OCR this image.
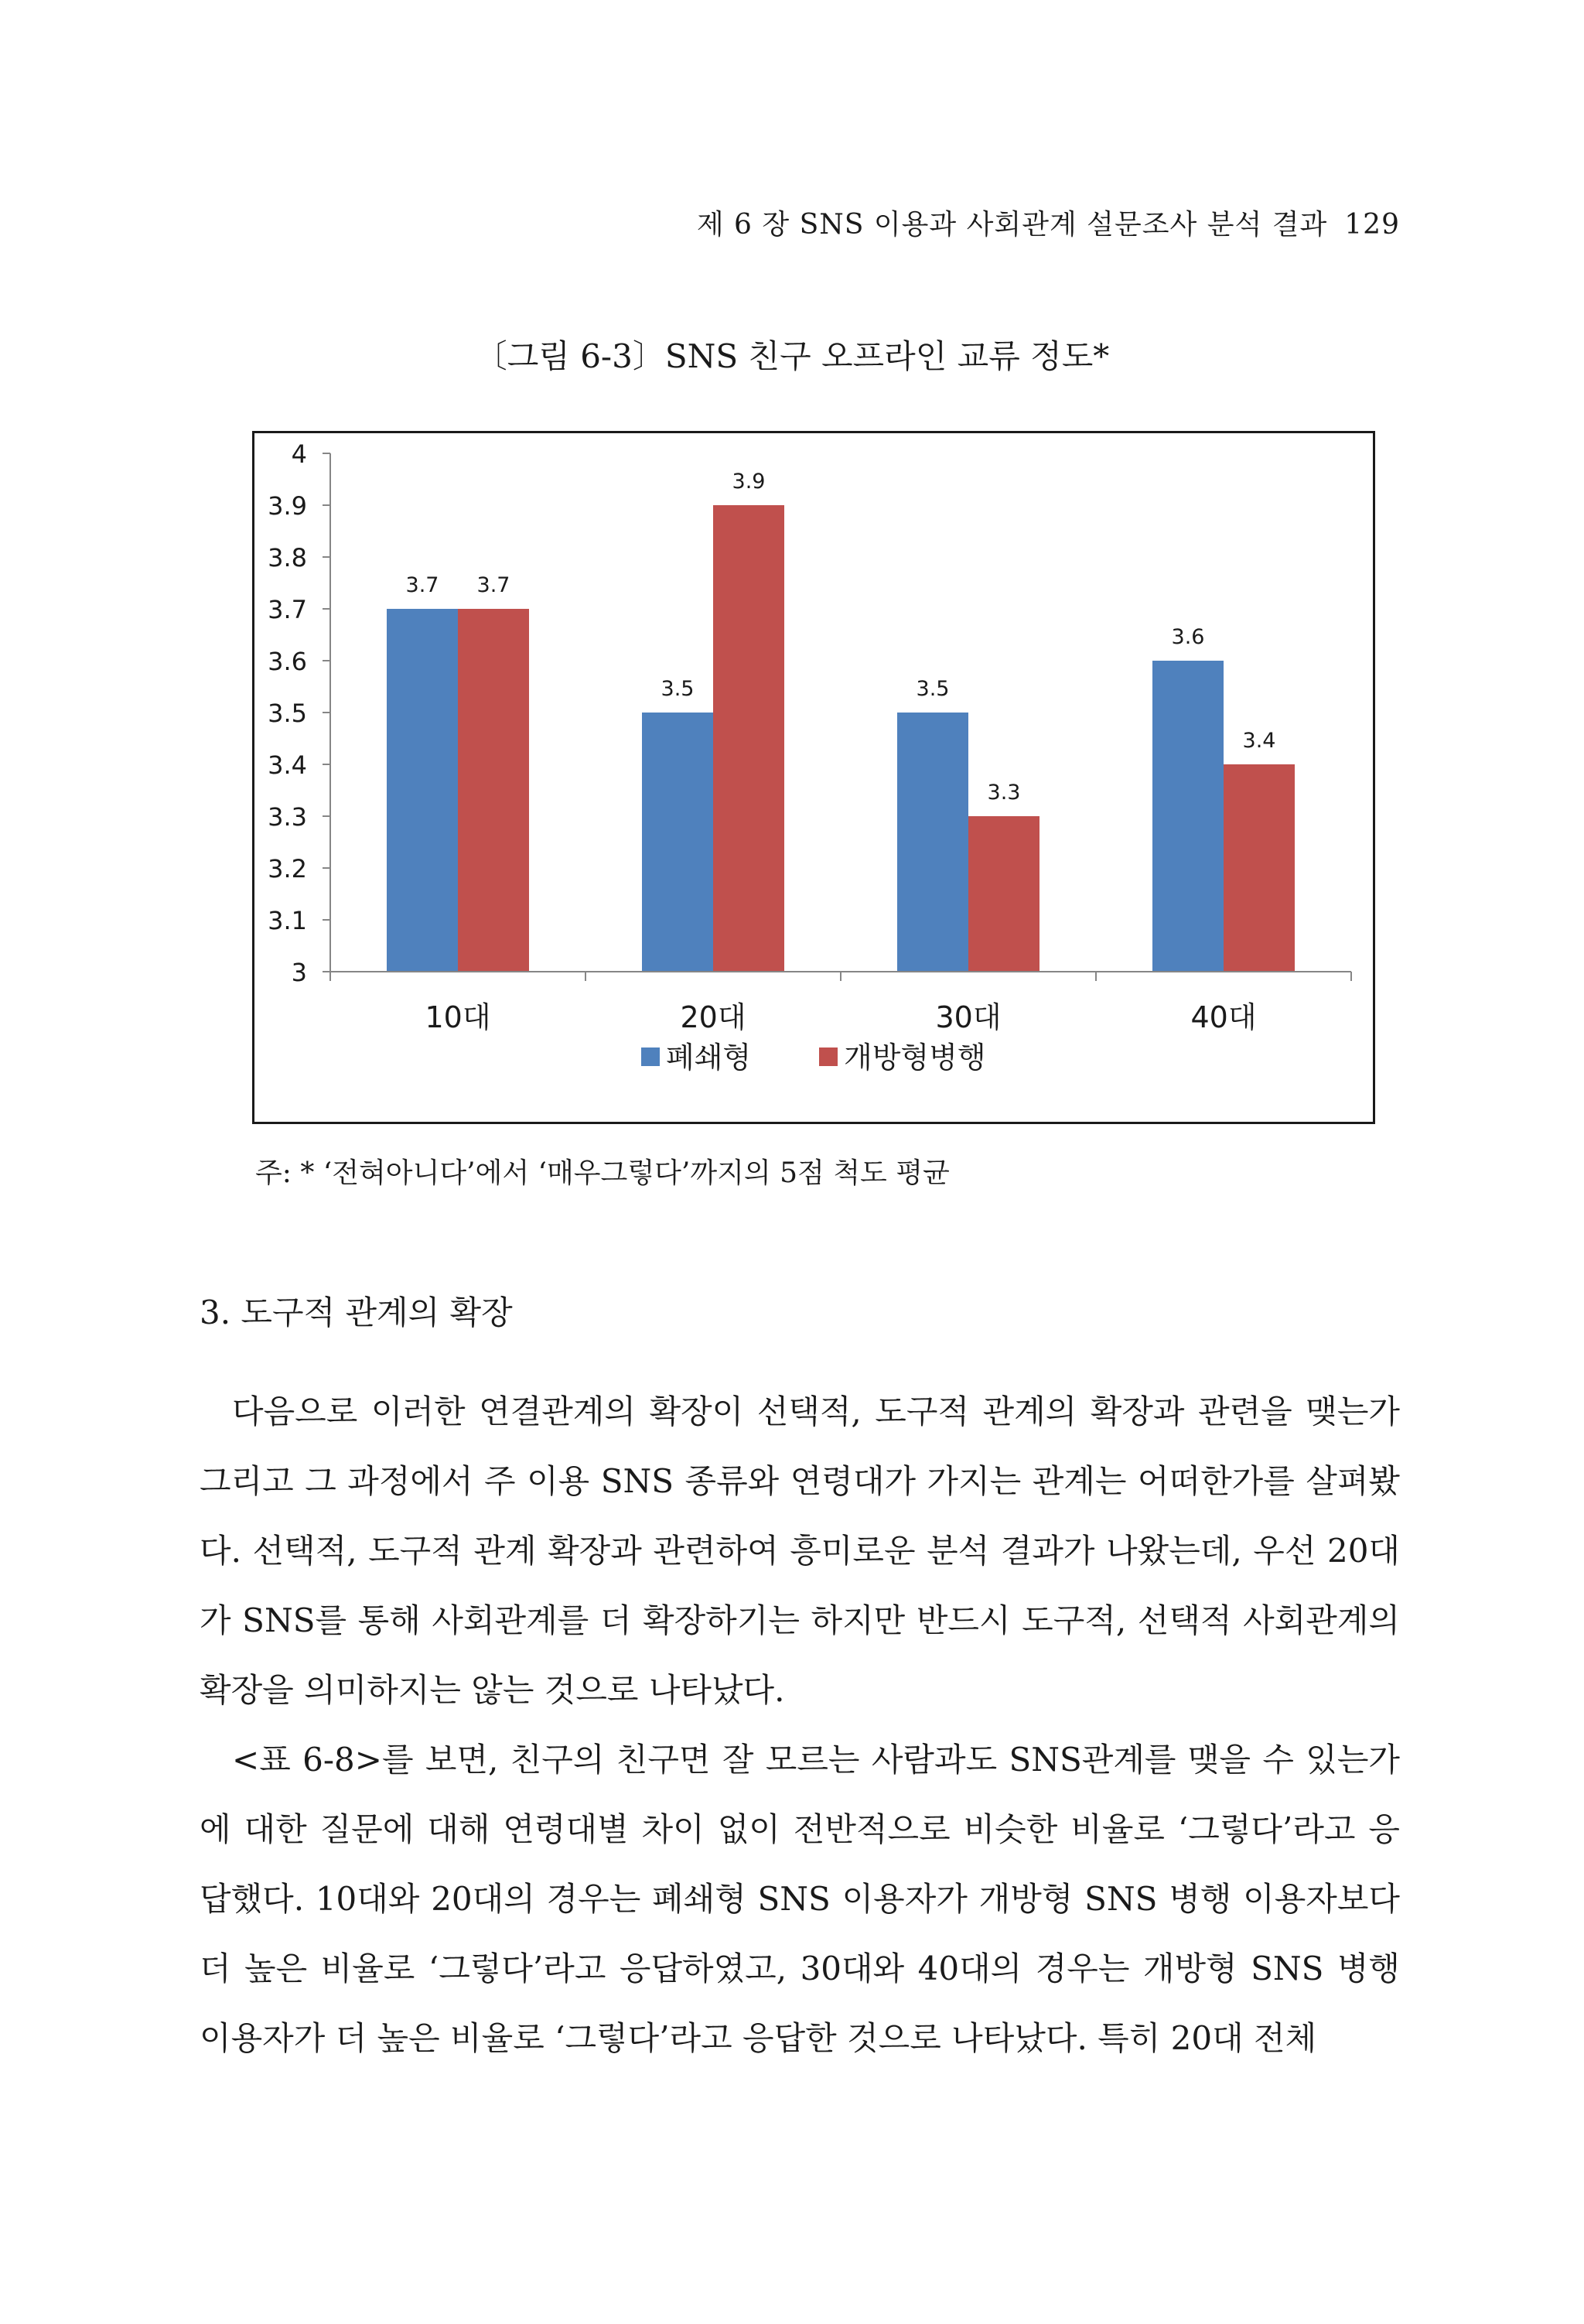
제 6 장 SNS 이용과 사회관계 설문조사 분석 결과 129
〔그림 6-3〕SNS 친구 오프라인 교류 정도*
3
3.1
3.2
3.3
3.4
3.5
3.6
3.7
3.8
3.9
4
3.7 3.7
3.5
3.9
3.5
3.3
3.6
3.4
10대	20대	30대	40대
폐쇄형	개방형병행
주: * ‘전혀아니다’에서 ‘매우그렇다’까지의 5점 척도 평균
3. 도구적 관계의 확장

다음으로 이러한 연결관계의 확장이 선택적, 도구적 관계의 확장과 관련을 맺는가 그리고 그 과정에서 주 이용 SNS 종류와 연령대가 가지는 관계는 어떠한가를 살펴봤다. 선택적, 도구적 관계 확장과 관련하여 흥미로운 분석 결과가 나왔는데, 우선 20대가 SNS를 통해 사회관계를 더 확장하기는 하지만 반드시 도구적, 선택적 사회관계의 확장을 의미하지는 않는 것으로 나타났다.

<표 6-8>를 보면, 친구의 친구면 잘 모르는 사람과도 SNS관계를 맺을 수 있는가에 대한 질문에 대해 연령대별 차이 없이 전반적으로 비슷한 비율로 ‘그렇다’라고 응답했다. 10대와 20대의 경우는 폐쇄형 SNS 이용자가 개방형 SNS 병행 이용자보다 더 높은 비율로 ‘그렇다’라고 응답하였고, 30대와 40대의 경우는 개방형 SNS 병행 이용자가 더 높은 비율로 ‘그렇다’라고 응답한 것으로 나타났다. 특히 20대 전체
